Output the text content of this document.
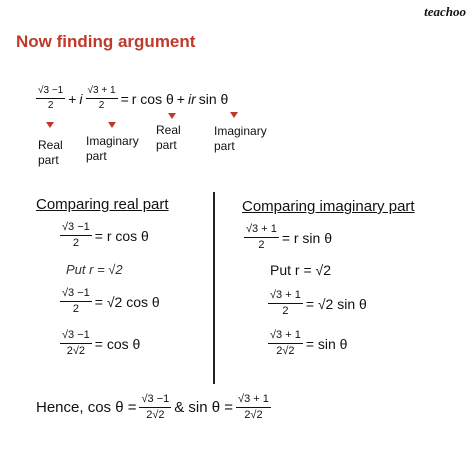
teachoo
Now finding argument
$\frac{√3 -1}{2} + i \frac{√3 + 1}{2} = r$ cos θ + ir sin θ
Real
part
Imaginary
part
Real
part
Imaginary
part
Comparing real part
$\frac{√3 -1}{2} = r$ cos θ
Put r = √2
$\frac{√3 -1}{2} = √2$ cos θ
$\frac{√3 -1}{2√2} = \cos \theta$
Comparing imaginary part
$\frac{√3 + 1}{2} = r$ sin θ
Put r = √2
$\frac{√3 + 1}{2} = √2$ sin θ
$\frac{√3 + 1}{2√2} = \sin \theta$
Hence, $\cos \theta = \frac{√3 -1}{2√2}$ & $\sin \theta = \frac{√3 + 1}{2√2}$
